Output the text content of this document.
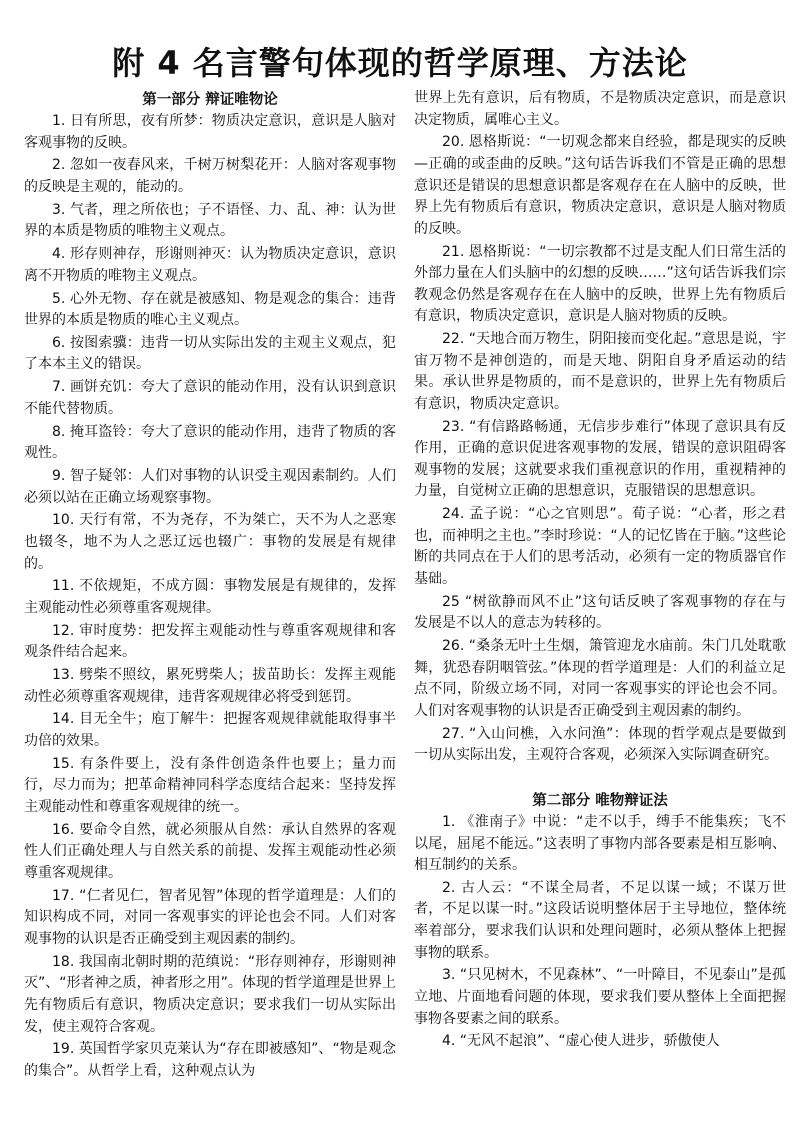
附 4 名言警句体现的哲学原理、方法论
第一部分 辩证唯物论

1. 日有所思，夜有所梦：物质决定意识，意识是人脑对客观事物的反映。

2. 忽如一夜春风来，千树万树梨花开：人脑对客观事物的反映是主观的，能动的。

3. 气者，理之所依也；子不语怪、力、乱、神：认为世界的本质是物质的唯物主义观点。

4. 形存则神存，形谢则神灭：认为物质决定意识，意识离不开物质的唯物主义观点。

5. 心外无物、存在就是被感知、物是观念的集合：违背世界的本质是物质的唯心主义观点。

6. 按图索骥：违背一切从实际出发的主观主义观点，犯了本本主义的错误。

7. 画饼充饥：夸大了意识的能动作用，没有认识到意识不能代替物质。

8. 掩耳盗铃：夸大了意识的能动作用，违背了物质的客观性。

9. 智子疑邻：人们对事物的认识受主观因素制约。人们必须以站在正确立场观察事物。

10. 天行有常，不为尧存，不为桀亡，天不为人之恶寒也辍冬，地不为人之恶辽远也辍广：事物的发展是有规律的。

11. 不依规矩，不成方圆：事物发展是有规律的，发挥主观能动性必须尊重客观规律。

12. 审时度势：把发挥主观能动性与尊重客观规律和客观条件结合起来。

13. 劈柴不照纹，累死劈柴人；拔苗助长：发挥主观能动性必须尊重客观规律，违背客观规律必将受到惩罚。

14. 目无全牛；庖丁解牛：把握客观规律就能取得事半功倍的效果。

15. 有条件要上，没有条件创造条件也要上；量力而行，尽力而为；把革命精神同科学态度结合起来：坚持发挥主观能动性和尊重客观规律的统一。

16. 要命令自然，就必须服从自然：承认自然界的客观性人们正确处理人与自然关系的前提、发挥主观能动性必须尊重客观规律。

17. “仁者见仁，智者见智”体现的哲学道理是：人们的知识构成不同，对同一客观事实的评论也会不同。人们对客观事物的认识是否正确受到主观因素的制约。

18. 我国南北朝时期的范缜说：“形存则神存，形谢则神灭”、“形者神之质，神者形之用”。体现的哲学道理是世界上先有物质后有意识，物质决定意识；要求我们一切从实际出发，使主观符合客观。

19. 英国哲学家贝克莱认为“存在即被感知”、“物是观念的集合”。从哲学上看，这种观点认为

世界上先有意识，后有物质，不是物质决定意识，而是意识决定物质，属唯心主义。

20. 恩格斯说：“一切观念都来自经验，都是现实的反映—正确的或歪曲的反映。”这句话告诉我们不管是正确的思想意识还是错误的思想意识都是客观存在在人脑中的反映，世界上先有物质后有意识，物质决定意识，意识是人脑对物质的反映。

21. 恩格斯说：“一切宗教都不过是支配人们日常生活的外部力量在人们头脑中的幻想的反映……”这句话告诉我们宗教观念仍然是客观存在在人脑中的反映，世界上先有物质后有意识，物质决定意识，意识是人脑对物质的反映。

22. “天地合而万物生，阴阳接而变化起。”意思是说，宇宙万物不是神创造的，而是天地、阴阳自身矛盾运动的结果。承认世界是物质的，而不是意识的，世界上先有物质后有意识，物质决定意识。

23. “有信路路畅通，无信步步难行”体现了意识具有反作用，正确的意识促进客观事物的发展，错误的意识阻碍客观事物的发展；这就要求我们重视意识的作用，重视精神的力量，自觉树立正确的思想意识，克服错误的思想意识。

24. 孟子说：“心之官则思”。荀子说：“心者，形之君也，而神明之主也。”李时珍说：“人的记忆皆在于脑。”这些论断的共同点在于人们的思考活动，必须有一定的物质器官作基础。

25 “树欲静而风不止”这句话反映了客观事物的存在与发展是不以人的意志为转移的。

26. “桑条无叶土生烟，箫管迎龙水庙前。朱门几处耽歌舞，犹恐春阴咽管弦。”体现的哲学道理是：人们的利益立足点不同，阶级立场不同，对同一客观事实的评论也会不同。人们对客观事物的认识是否正确受到主观因素的制约。

27. “入山问樵，入水问渔”：体现的哲学观点是要做到一切从实际出发，主观符合客观，必须深入实际调查研究。

第二部分 唯物辩证法

1. 《淮南子》中说：“走不以手，缚手不能集疾；飞不以尾，屈尾不能远。”这表明了事物内部各要素是相互影响、相互制约的关系。

2. 古人云：“不谋全局者，不足以谋一域；不谋万世者，不足以谋一时。”这段话说明整体居于主导地位，整体统率着部分，要求我们认识和处理问题时，必须从整体上把握事物的联系。

3. “只见树木，不见森林”、“一叶障目，不见泰山”是孤立地、片面地看问题的体现，要求我们要从整体上全面把握事物各要素之间的联系。

4. “无风不起浪”、“虚心使人进步，骄傲使人
